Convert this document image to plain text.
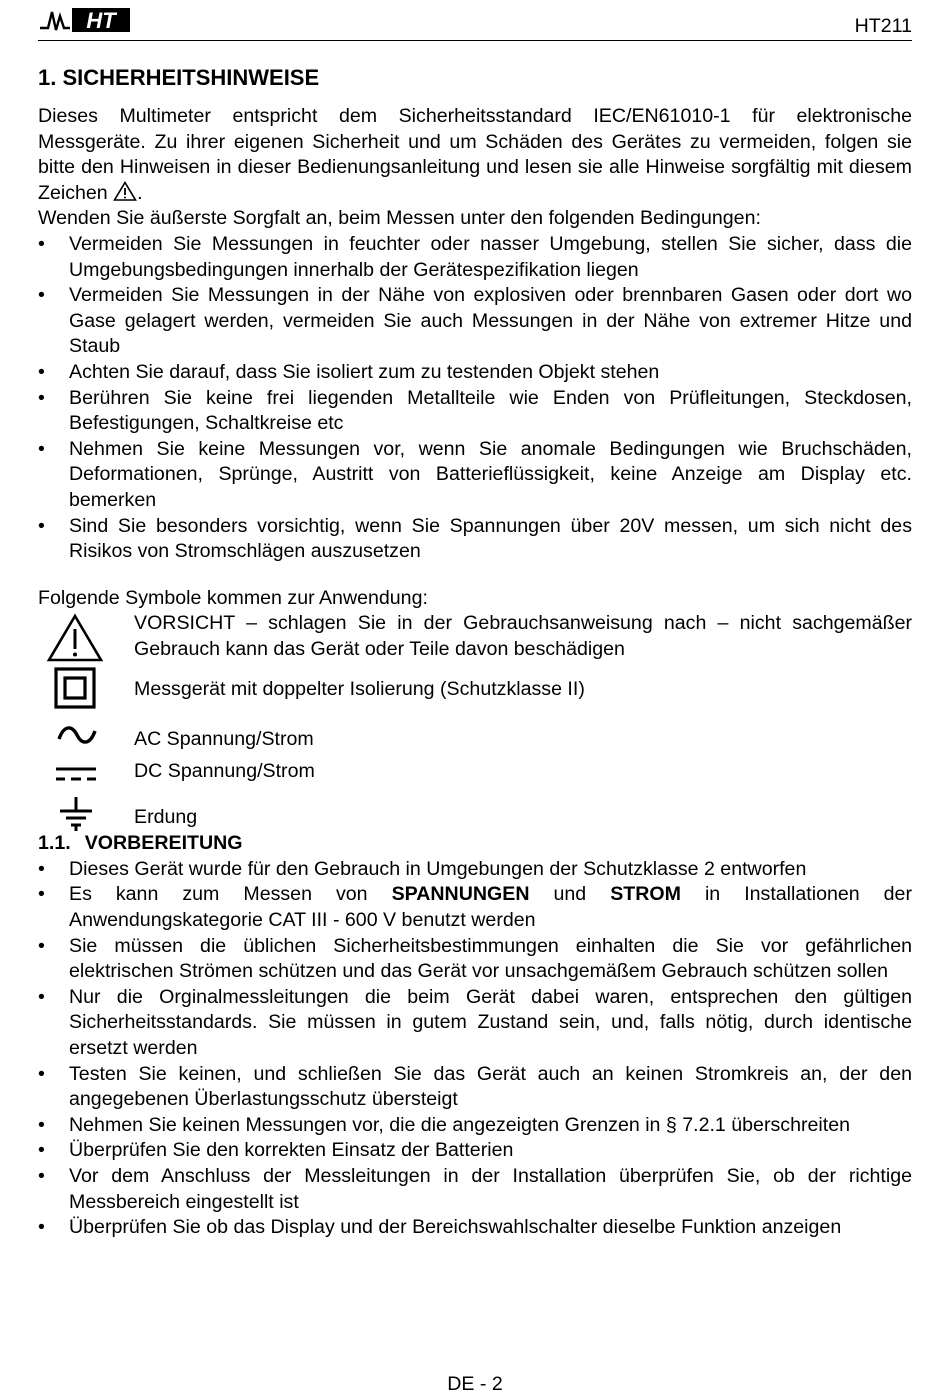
HT	HT211
1. SICHERHEITSHINWEISE

Dieses Multimeter entspricht dem Sicherheitsstandard IEC/EN61010-1 für elektronische Messgeräte. Zu ihrer eigenen Sicherheit und um Schäden des Gerätes zu vermeiden, folgen sie bitte den Hinweisen in dieser Bedienungsanleitung und lesen sie alle Hinweise sorgfältig mit diesem Zeichen .

Wenden Sie äußerste Sorgfalt an, beim Messen unter den folgenden Bedingungen:

• Vermeiden Sie Messungen in feuchter oder nasser Umgebung, stellen Sie sicher, dass die Umgebungsbedingungen innerhalb der Gerätespezifikation liegen
• Vermeiden Sie Messungen in der Nähe von explosiven oder brennbaren Gasen oder dort wo Gase gelagert werden, vermeiden Sie auch Messungen in der Nähe von extremer Hitze und Staub
• Achten Sie darauf, dass Sie isoliert zum zu testenden Objekt stehen
• Berühren Sie keine frei liegenden Metallteile wie Enden von Prüfleitungen, Steckdosen, Befestigungen, Schaltkreise etc
• Nehmen Sie keine Messungen vor, wenn Sie anomale Bedingungen wie Bruchschäden, Deformationen, Sprünge, Austritt von Batterieflüssigkeit, keine Anzeige am Display etc. bemerken
• Sind Sie besonders vorsichtig, wenn Sie Spannungen über 20V messen, um sich nicht des Risikos von Stromschlägen auszusetzen

Folgende Symbole kommen zur Anwendung:

VORSICHT – schlagen Sie in der Gebrauchsanweisung nach – nicht sachgemäßer Gebrauch kann das Gerät oder Teile davon beschädigen
Messgerät mit doppelter Isolierung (Schutzklasse II)
AC Spannung/Strom
DC Spannung/Strom
Erdung
1.1. VORBEREITUNG
• Dieses Gerät wurde für den Gebrauch in Umgebungen der Schutzklasse 2 entworfen
• Es kann zum Messen von SPANNUNGEN und STROM in Installationen der Anwendungskategorie CAT III - 600 V benutzt werden
• Sie müssen die üblichen Sicherheitsbestimmungen einhalten die Sie vor gefährlichen elektrischen Strömen schützen und das Gerät vor unsachgemäßem Gebrauch schützen sollen
• Nur die Orginalmessleitungen die beim Gerät dabei waren, entsprechen den gültigen Sicherheitsstandards. Sie müssen in gutem Zustand sein, und, falls nötig, durch identische ersetzt werden
• Testen Sie keinen, und schließen Sie das Gerät auch an keinen Stromkreis an, der den angegebenen Überlastungsschutz übersteigt
• Nehmen Sie keinen Messungen vor, die die angezeigten Grenzen in § 7.2.1 überschreiten
• Überprüfen Sie den korrekten Einsatz der Batterien
• Vor dem Anschluss der Messleitungen in der Installation überprüfen Sie, ob der richtige Messbereich eingestellt ist
• Überprüfen Sie ob das Display und der Bereichswahlschalter dieselbe Funktion anzeigen
DE - 2
